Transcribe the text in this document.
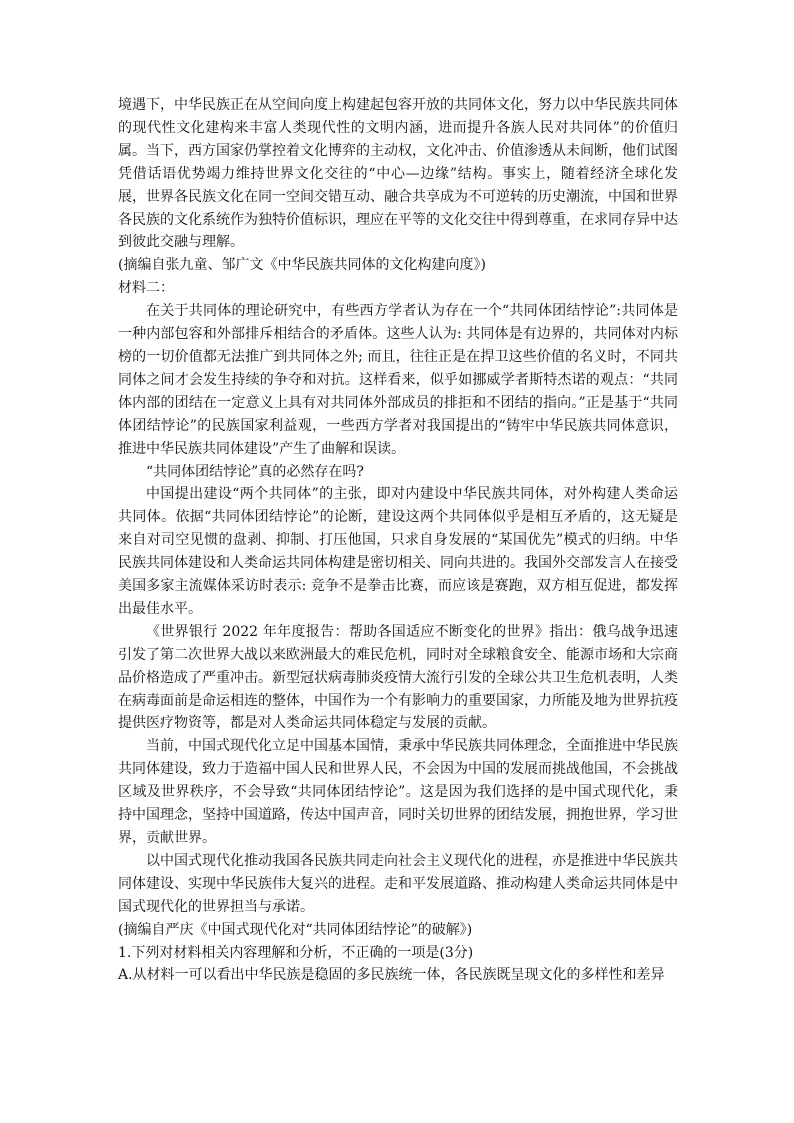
境遇下，中华民族正在从空间向度上构建起包容开放的共同体文化，努力以中华民族共同体的现代性文化建构来丰富人类现代性的文明内涵，进而提升各族人民对共同体”的价值归属。当下，西方国家仍掌控着文化博弈的主动权，文化冲击、价值渗透从未间断，他们试图凭借话语优势竭力维持世界文化交往的“中心—边缘”结构。事实上，随着经济全球化发展，世界各民族文化在同一空间交错互动、融合共享成为不可逆转的历史潮流，中国和世界各民族的文化系统作为独特价值标识，理应在平等的文化交往中得到尊重，在求同存异中达到彼此交融与理解。

(摘编自张九童、邹广文《中华民族共同体的文化构建向度》)

材料二：

在关于共同体的理论研究中，有些西方学者认为存在一个“共同体团结悖论”:共同体是一种内部包容和外部排斥相结合的矛盾体。这些人认为: 共同体是有边界的，共同体对内标榜的一切价值都无法推广到共同体之外; 而且，往往正是在捍卫这些价值的名义时，不同共同体之间才会发生持续的争夺和对抗。这样看来，似乎如挪威学者斯特杰诺的观点：“共同体内部的团结在一定意义上具有对共同体外部成员的排拒和不团结的指向。”正是基于“共同体团结悖论”的民族国家利益观，一些西方学者对我国提出的“铸牢中华民族共同体意识，推进中华民族共同体建设”产生了曲解和误读。

“共同体团结悖论”真的必然存在吗?

中国提出建设“两个共同体”的主张，即对内建设中华民族共同体，对外构建人类命运共同体。依据“共同体团结悖论”的论断，建设这两个共同体似乎是相互矛盾的，这无疑是来自对司空见惯的盘剥、抑制、打压他国，只求自身发展的“某国优先”模式的归纳。中华民族共同体建设和人类命运共同体构建是密切相关、同向共进的。我国外交部发言人在接受美国多家主流媒体采访时表示: 竞争不是拳击比赛，而应该是赛跑，双方相互促进，都发挥出最佳水平。

《世界银行 2022 年年度报告：帮助各国适应不断变化的世界》指出：俄乌战争迅速引发了第二次世界大战以来欧洲最大的难民危机，同时对全球粮食安全、能源市场和大宗商品价格造成了严重冲击。新型冠状病毒肺炎疫情大流行引发的全球公共卫生危机表明，人类在病毒面前是命运相连的整体，中国作为一个有影响力的重要国家，力所能及地为世界抗疫提供医疗物资等，都是对人类命运共同体稳定与发展的贡献。

当前，中国式现代化立足中国基本国情，秉承中华民族共同体理念，全面推进中华民族共同体建设，致力于造福中国人民和世界人民，不会因为中国的发展而挑战他国，不会挑战区域及世界秩序，不会导致“共同体团结悖论”。这是因为我们选择的是中国式现代化，秉持中国理念，坚持中国道路，传达中国声音，同时关切世界的团结发展，拥抱世界，学习世界，贡献世界。

以中国式现代化推动我国各民族共同走向社会主义现代化的进程，亦是推进中华民族共同体建设、实现中华民族伟大复兴的进程。走和平发展道路、推动构建人类命运共同体是中国式现代化的世界担当与承诺。

(摘编自严庆《中国式现代化对“共同体团结悖论”的破解》)

1.下列对材料相关内容理解和分析，不正确的一项是(3分)

A.从材料一可以看出中华民族是稳固的多民族统一体，各民族既呈现文化的多样性和差异
